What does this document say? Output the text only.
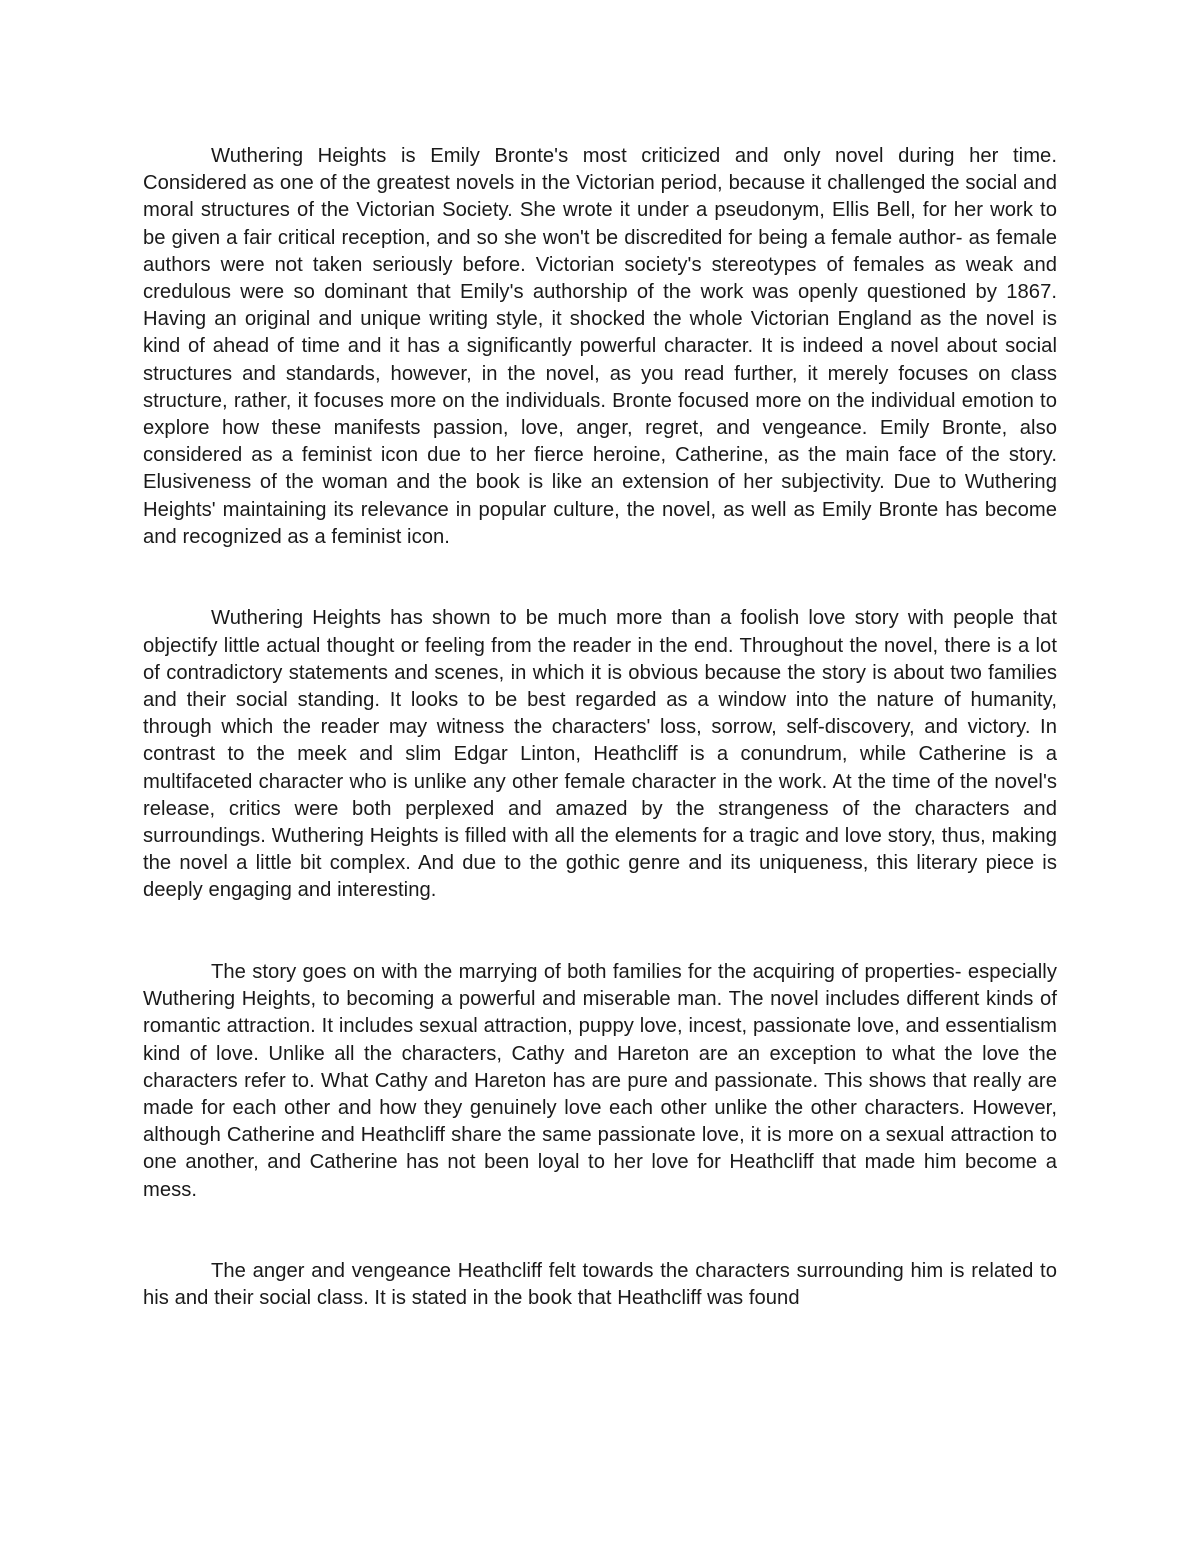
Wuthering Heights is Emily Bronte's most criticized and only novel during her time. Considered as one of the greatest novels in the Victorian period, because it challenged the social and moral structures of the Victorian Society. She wrote it under a pseudonym, Ellis Bell, for her work to be given a fair critical reception, and so she won't be discredited for being a female author- as female authors were not taken seriously before. Victorian society's stereotypes of females as weak and credulous were so dominant that Emily's authorship of the work was openly questioned by 1867. Having an original and unique writing style, it shocked the whole Victorian England as the novel is kind of ahead of time and it has a significantly powerful character. It is indeed a novel about social structures and standards, however, in the novel, as you read further, it merely focuses on class structure, rather, it focuses more on the individuals. Bronte focused more on the individual emotion to explore how these manifests passion, love, anger, regret, and vengeance. Emily Bronte, also considered as a feminist icon due to her fierce heroine, Catherine, as the main face of the story. Elusiveness of the woman and the book is like an extension of her subjectivity. Due to Wuthering Heights' maintaining its relevance in popular culture, the novel, as well as Emily Bronte has become and recognized as a feminist icon.

Wuthering Heights has shown to be much more than a foolish love story with people that objectify little actual thought or feeling from the reader in the end. Throughout the novel, there is a lot of contradictory statements and scenes, in which it is obvious because the story is about two families and their social standing. It looks to be best regarded as a window into the nature of humanity, through which the reader may witness the characters' loss, sorrow, self-discovery, and victory. In contrast to the meek and slim Edgar Linton, Heathcliff is a conundrum, while Catherine is a multifaceted character who is unlike any other female character in the work. At the time of the novel's release, critics were both perplexed and amazed by the strangeness of the characters and surroundings. Wuthering Heights is filled with all the elements for a tragic and love story, thus, making the novel a little bit complex. And due to the gothic genre and its uniqueness, this literary piece is deeply engaging and interesting.

The story goes on with the marrying of both families for the acquiring of properties- especially Wuthering Heights, to becoming a powerful and miserable man. The novel includes different kinds of romantic attraction. It includes sexual attraction, puppy love, incest, passionate love, and essentialism kind of love. Unlike all the characters, Cathy and Hareton are an exception to what the love the characters refer to. What Cathy and Hareton has are pure and passionate. This shows that really are made for each other and how they genuinely love each other unlike the other characters. However, although Catherine and Heathcliff share the same passionate love, it is more on a sexual attraction to one another, and Catherine has not been loyal to her love for Heathcliff that made him become a mess.

The anger and vengeance Heathcliff felt towards the characters surrounding him is related to his and their social class. It is stated in the book that Heathcliff was found
